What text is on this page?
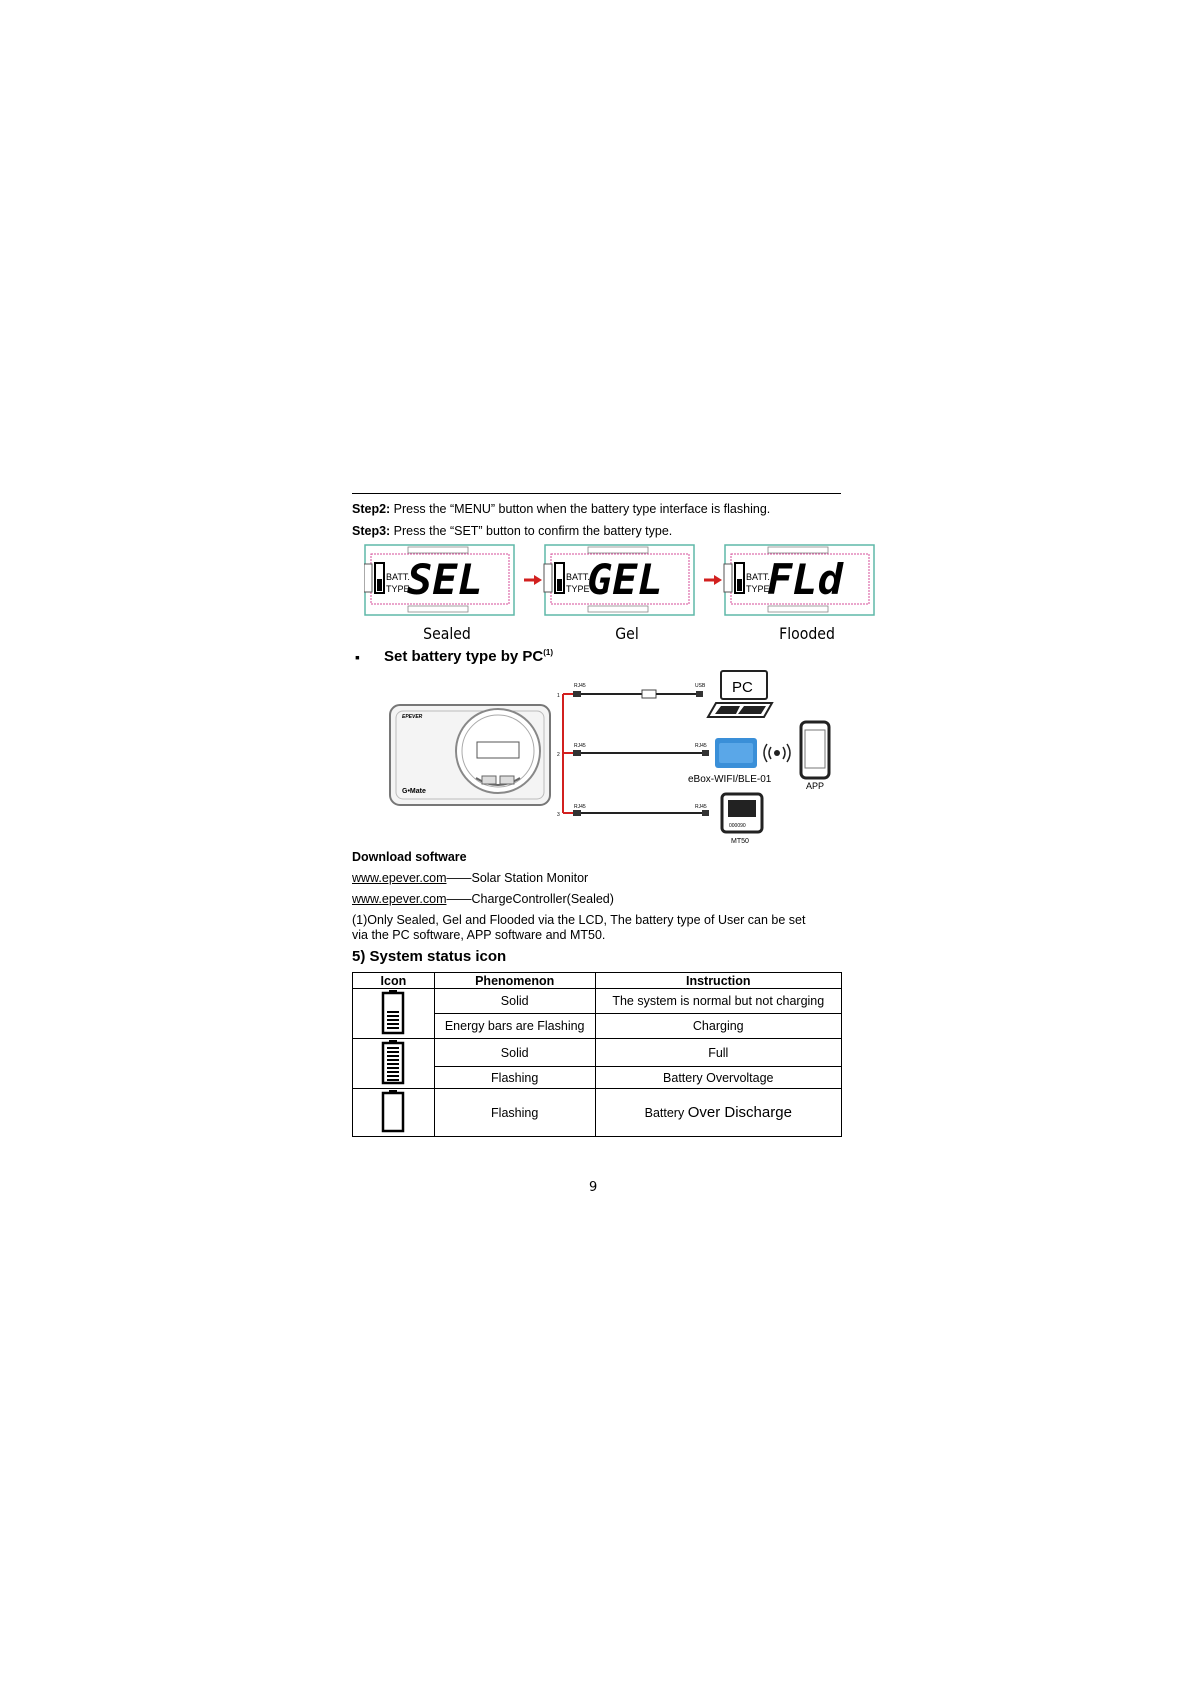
Step2: Press the “MENU” button when the battery type interface is flashing.
Step3: Press the “SET” button to confirm the battery type.
BATT.
TYPE
SEL	BATT.
TYPE
GEL	BATT.
TYPE
FLd
Sealed	Gel	Flooded
▪ Set battery type by PC$^{(1)}$
EPEVER
G•Mate
1
2
3
RJ45	USB PC
RJ45	RJ45
eBox-WIFI/BLE-01
APP
RJ45	RJ45
000090
MT50
Download software
www.epever.com——Solar Station Monitor
www.epever.com——ChargeController(Sealed)
(1)Only Sealed, Gel and Flooded via the LCD, The battery type of User can be set
via the PC software, APP software and MT50.
5) System status icon
Icon	Phenomenon	Instruction
	Solid	The system is normal but not charging
	Energy bars are Flashing	Charging
	Solid	Full
	Flashing	Battery Overvoltage
	Flashing	Battery Over Discharge
9
